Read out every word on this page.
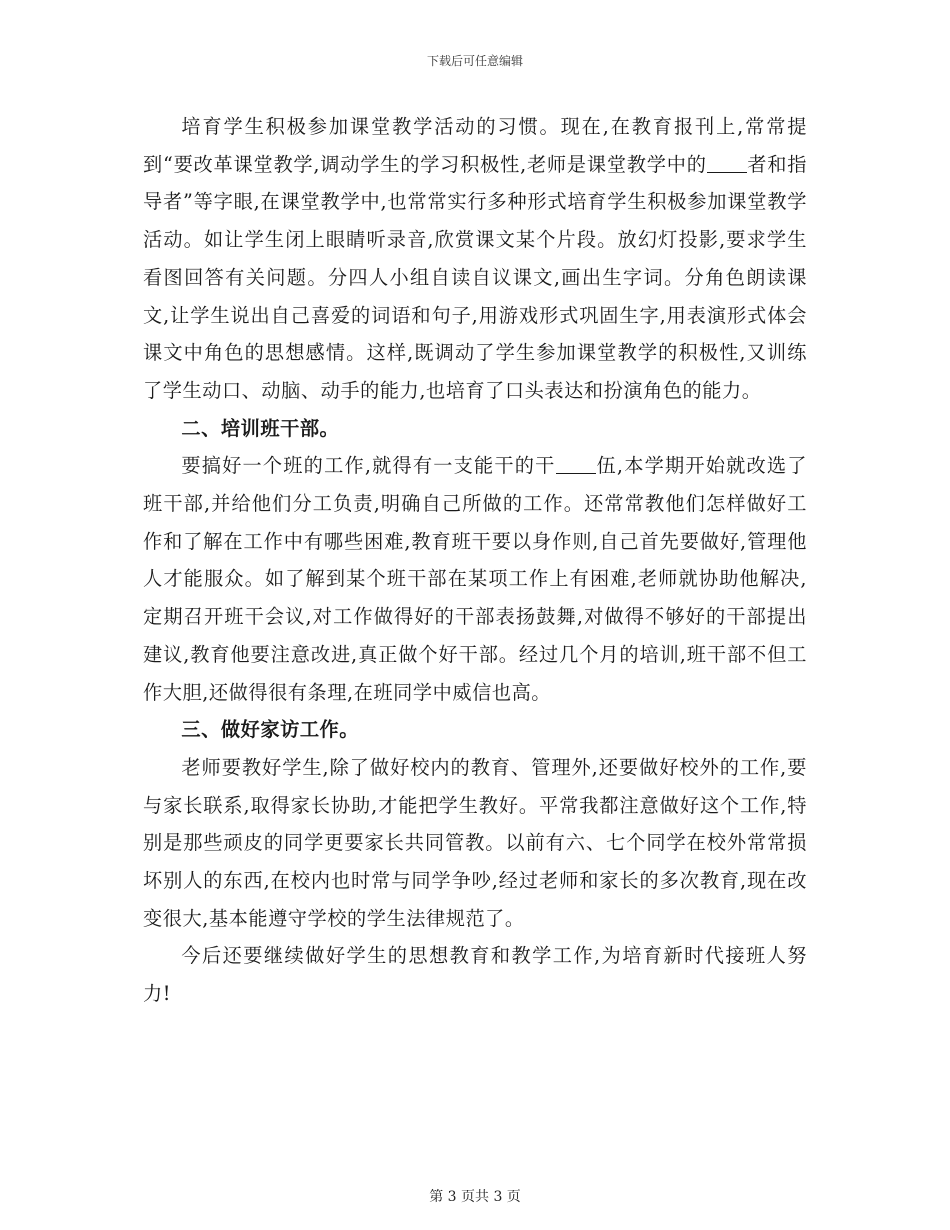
下载后可任意编辑

培育学生积极参加课堂教学活动的习惯。现在,在教育报刊上,常常提到“要改革课堂教学,调动学生的学习积极性,老师是课堂教学中的 者和指导者”等字眼,在课堂教学中,也常常实行多种形式培育学生积极参加课堂教学活动。如让学生闭上眼睛听录音,欣赏课文某个片段。放幻灯投影,要求学生看图回答有关问题。分四人小组自读自议课文,画出生字词。分角色朗读课文,让学生说出自己喜爱的词语和句子,用游戏形式巩固生字,用表演形式体会课文中角色的思想感情。这样,既调动了学生参加课堂教学的积极性,又训练了学生动口、动脑、动手的能力,也培育了口头表达和扮演角色的能力。

二、培训班干部。

要搞好一个班的工作,就得有一支能干的干 伍,本学期开始就改选了班干部,并给他们分工负责,明确自己所做的工作。还常常教他们怎样做好工作和了解在工作中有哪些困难,教育班干要以身作则,自己首先要做好,管理他人才能服众。如了解到某个班干部在某项工作上有困难,老师就协助他解决,定期召开班干会议,对工作做得好的干部表扬鼓舞,对做得不够好的干部提出建议,教育他要注意改进,真正做个好干部。经过几个月的培训,班干部不但工作大胆,还做得很有条理,在班同学中威信也高。

三、做好家访工作。

老师要教好学生,除了做好校内的教育、管理外,还要做好校外的工作,要与家长联系,取得家长协助,才能把学生教好。平常我都注意做好这个工作,特别是那些顽皮的同学更要家长共同管教。以前有六、七个同学在校外常常损坏别人的东西,在校内也时常与同学争吵,经过老师和家长的多次教育,现在改变很大,基本能遵守学校的学生法律规范了。

今后还要继续做好学生的思想教育和教学工作,为培育新时代接班人努力!

第 3 页共 3 页
